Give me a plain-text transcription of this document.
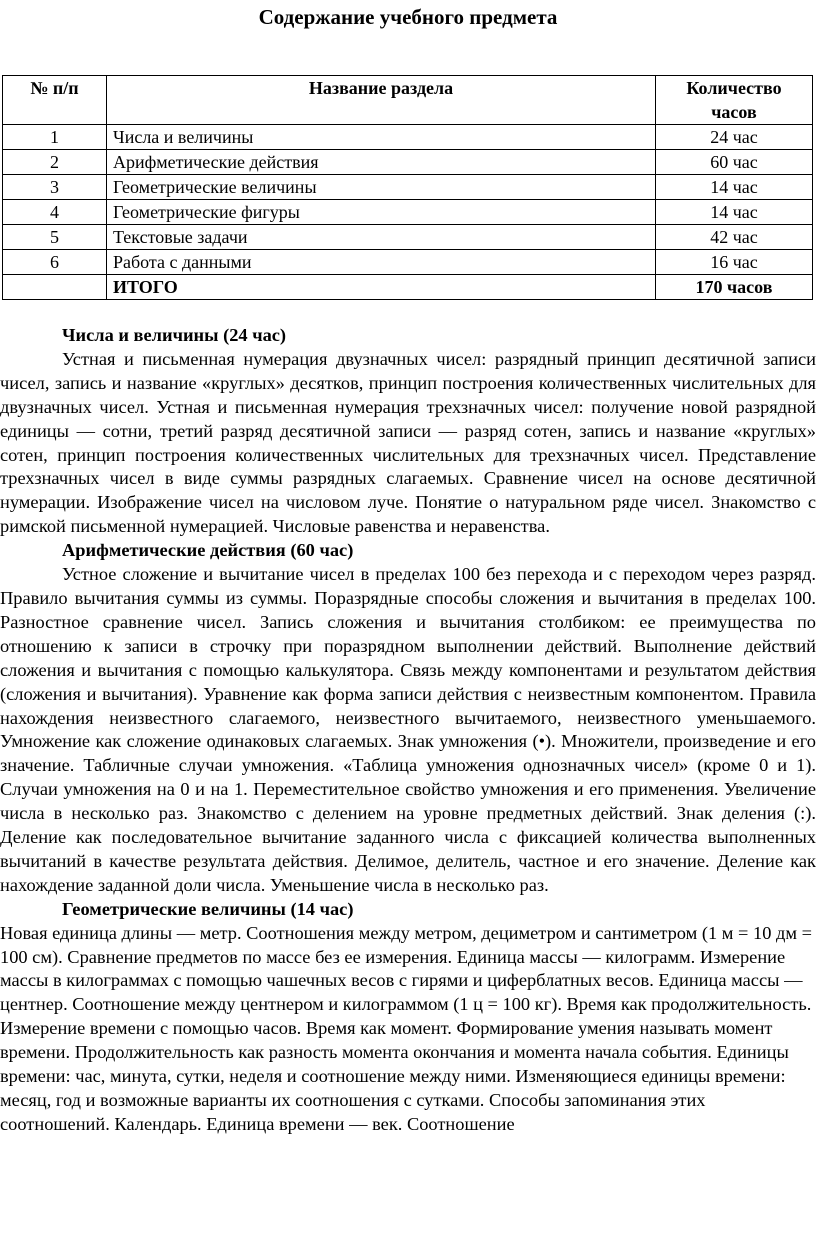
Содержание учебного предмета
№ п/п	Название раздела	Количество часов
1	Числа и величины	24 час
2	Арифметические действия	60 час
3	Геометрические величины	14 час
4	Геометрические фигуры	14 час
5	Текстовые задачи	42 час
6	Работа с данными	16 час
	ИТОГО	170 часов

Числа и величины (24 час)

Устная и письменная нумерация двузначных чисел: разрядный принцип десятичной записи чисел, запись и название «круглых» десятков, принцип построения количественных числительных для двузначных чисел. Устная и письменная нумерация трехзначных чисел: получение новой разрядной единицы — сотни, третий разряд десятичной записи — разряд сотен, запись и название «круглых» сотен, принцип построения количественных числительных для трехзначных чисел. Представление трехзначных чисел в виде суммы разрядных слагаемых. Сравнение чисел на основе десятичной нумерации. Изображение чисел на числовом луче. Понятие о натуральном ряде чисел. Знакомство с римской письменной нумерацией. Числовые равенства и неравенства.

Арифметические действия (60 час)

Устное сложение и вычитание чисел в пределах 100 без перехода и с переходом через разряд. Правило вычитания суммы из суммы. Поразрядные способы сложения и вычитания в пределах 100. Разностное сравнение чисел. Запись сложения и вычитания столбиком: ее преимущества по отношению к записи в строчку при поразрядном выполнении действий. Выполнение действий сложения и вычитания с помощью калькулятора. Связь между компонентами и результатом действия (сложения и вычитания). Уравнение как форма записи действия с неизвестным компонентом. Правила нахождения неизвестного слагаемого, неизвестного вычитаемого, неизвестного уменьшаемого. Умножение как сложение одинаковых слагаемых. Знак умножения (•). Множители, произведение и его значение. Табличные случаи умножения. «Таблица умножения однозначных чисел» (кроме 0 и 1). Случаи умножения на 0 и на 1. Переместительное свойство умножения и его применения. Увеличение числа в несколько раз. Знакомство с делением на уровне предметных действий. Знак деления (:). Деление как последовательное вычитание заданного числа с фиксацией количества выполненных вычитаний в качестве результата действия. Делимое, делитель, частное и его значение. Деление как нахождение заданной доли числа. Уменьшение числа в несколько раз.

Геометрические величины (14 час)

Новая единица длины — метр. Соотношения между метром, дециметром и сантиметром (1 м = 10 дм = 100 см). Сравнение предметов по массе без ее измерения. Единица массы — килограмм. Измерение массы в килограммах с помощью чашечных весов с гирями и циферблатных весов. Единица массы — центнер. Соотношение между центнером и килограммом (1 ц = 100 кг). Время как продолжительность. Измерение времени с помощью часов. Время как момент. Формирование умения называть момент времени. Продолжительность как разность момента окончания и момента начала события. Единицы времени: час, минута, сутки, неделя и соотношение между ними. Изменяющиеся единицы времени: месяц, год и возможные варианты их соотношения с сутками. Способы запоминания этих соотношений. Календарь. Единица времени — век. Соотношение
